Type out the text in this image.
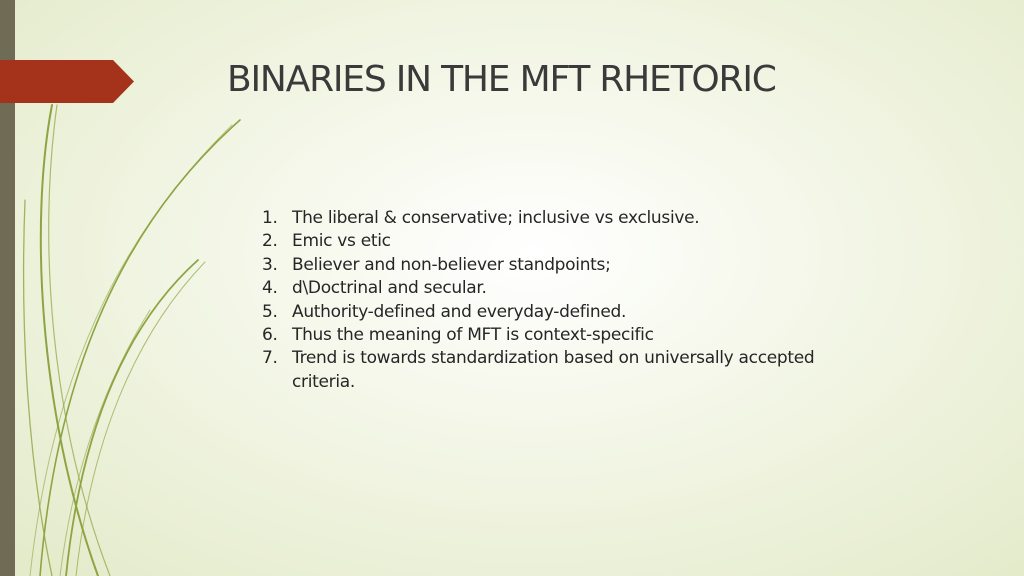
BINARIES IN THE MFT RHETORIC
1. The liberal & conservative; inclusive vs exclusive.
2. Emic vs etic
3. Believer and non-believer standpoints;
4. d\Doctrinal and secular.
5. Authority-defined and everyday-defined.
6. Thus the meaning of MFT is context-specific
7. Trend is towards standardization based on universally accepted criteria.
